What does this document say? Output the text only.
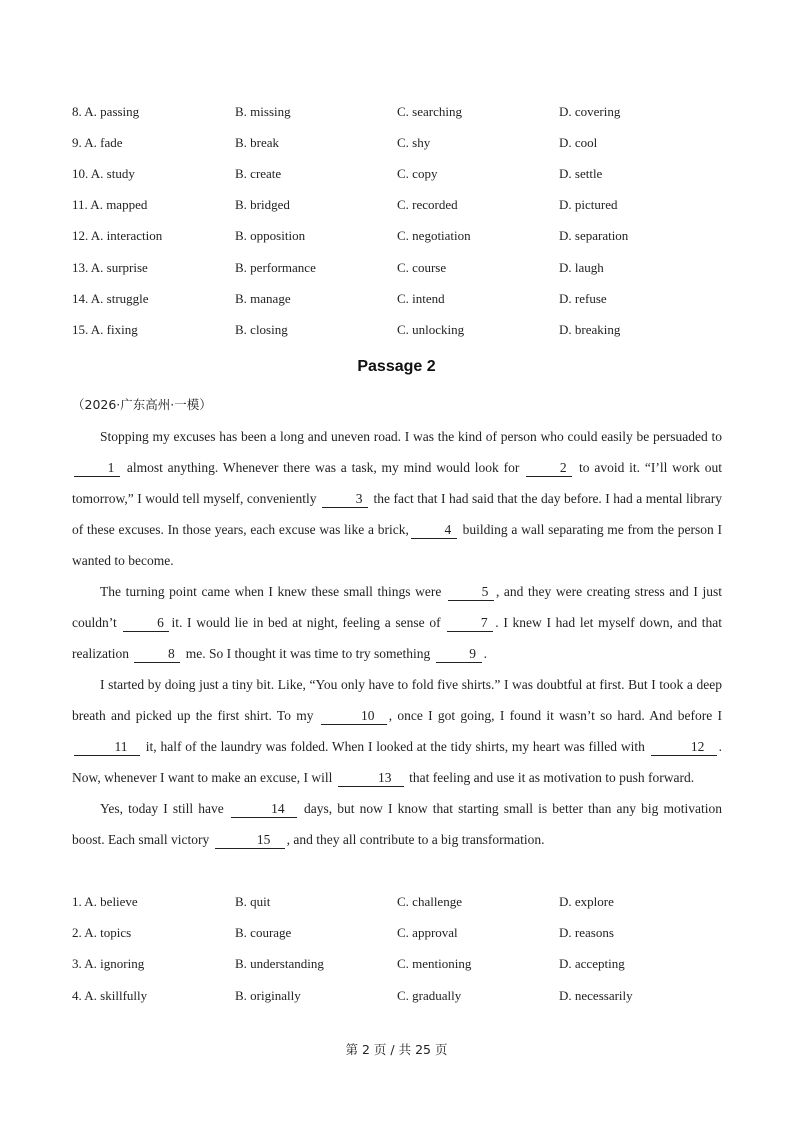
8. A. passing	B. missing	C. searching	D. covering
9. A. fade	B. break	C. shy	D. cool
10. A. study	B. create	C. copy	D. settle
11. A. mapped	B. bridged	C. recorded	D. pictured
12. A. interaction	B. opposition	C. negotiation	D. separation
13. A. surprise	B. performance	C. course	D. laugh
14. A. struggle	B. manage	C. intend	D. refuse
15. A. fixing	B. closing	C. unlocking	D. breaking
Passage 2
（2026·广东高州·一模）

Stopping my excuses has been a long and uneven road. I was the kind of person who could easily be persuaded to 1 almost anything. Whenever there was a task, my mind would look for	2 to avoid it. “I’ll work out tomorrow,” I would tell myself, conveniently	3 the fact that I had said that the day before. I had a mental library of these excuses. In those years, each excuse was like a brick,	4 building a wall separating me from the person I wanted to become.

The turning point came when I knew these small things were	5 , and they were creating stress and I just couldn’t	6 it. I would lie in bed at night, feeling a sense of	7 . I knew I had let myself down, and that realization	8 me. So I thought it was time to try something	9 .

I started by doing just a tiny bit. Like, “You only have to fold five shirts.” I was doubtful at first. But I took a deep breath and picked up the first shirt. To my	10 , once I got going, I found it wasn’t so hard. And before I 11 it, half of the laundry was folded. When I looked at the tidy shirts, my heart was filled with	12 . Now, whenever I want to make an excuse, I will	13 that feeling and use it as motivation to push forward.

Yes, today I still have	14 days, but now I know that starting small is better than any big motivation boost. Each small victory	15 , and they all contribute to a big transformation.

1. A. believe	B. quit	C. challenge	D. explore
2. A. topics	B. courage	C. approval	D. reasons
3. A. ignoring	B. understanding	C. mentioning	D. accepting
4. A. skillfully	B. originally	C. gradually	D. necessarily
第 2 页 / 共 25 页
